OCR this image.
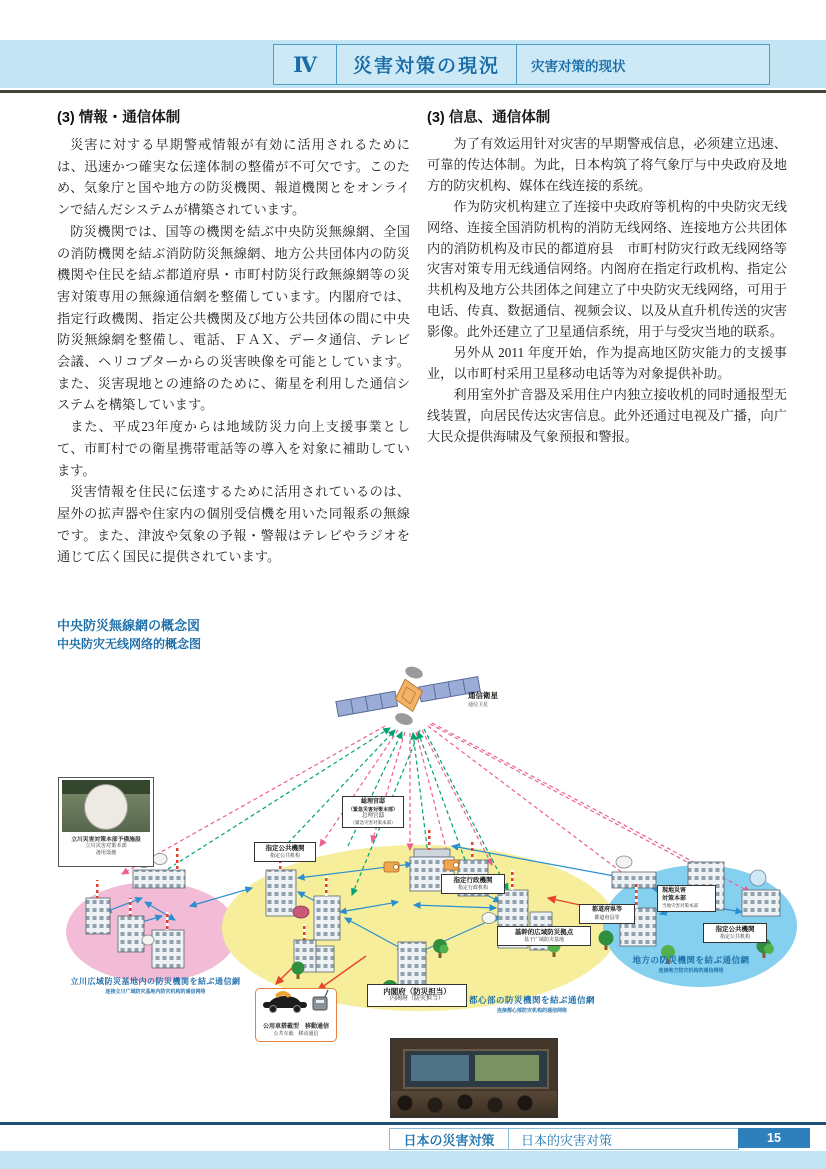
Ⅳ	災害対策の現況	灾害对策的现状
(3) 情報・通信体制

災害に対する早期警戒情報が有効に活用されるためには、迅速かつ確実な伝達体制の整備が不可欠です。このため、気象庁と国や地方の防災機関、報道機関とをオンラインで結んだシステムが構築されています。

防災機関では、国等の機関を結ぶ中央防災無線網、全国の消防機関を結ぶ消防防災無線網、地方公共団体内の防災機関や住民を結ぶ都道府県・市町村防災行政無線網等の災害対策専用の無線通信網を整備しています。内閣府では、指定行政機関、指定公共機関及び地方公共団体の間に中央防災無線網を整備し、電話、ＦＡＸ、データ通信、テレビ会議、ヘリコプターからの災害映像を可能としています。また、災害現地との連絡のために、衛星を利用した通信システムを構築しています。

また、平成23年度からは地域防災力向上支援事業として、市町村での衛星携帯電話等の導入を対象に補助しています。

災害情報を住民に伝達するために活用されているのは、屋外の拡声器や住家内の個別受信機を用いた同報系の無線です。また、津波や気象の予報・警報はテレビやラジオを通じて広く国民に提供されています。

(3) 信息、通信体制

为了有效运用针对灾害的早期警戒信息，必须建立迅速、可靠的传达体制。为此，日本构筑了将气象厅与中央政府及地方的防灾机构、媒体在线连接的系统。

作为防灾机构建立了连接中央政府等机构的中央防灾无线网络、连接全国消防机构的消防无线网络、连接地方公共团体内的消防机构及市民的都道府县　市町村防灾行政无线网络等灾害对策专用无线通信网络。内阁府在指定行政机构、指定公共机构及地方公共团体之间建立了中央防灾无线网络，可用于电话、传真、数据通信、视频会议、以及从直升机传送的灾害影像。此外还建立了卫星通信系统，用于与受灾当地的联系。

另外从 2011 年度开始，作为提高地区防灾能力的支援事业，以市町村采用卫星移动电话等为对象提供补助。

利用室外扩音器及采用住户内独立接收机的同时通报型无线装置，向居民传达灾害信息。此外还通过电视及广播，向广大民众提供海啸及气象预报和警报。

中央防災無線網の概念図
中央防灾无线网络的概念图
通信衛星
通信卫星
立川災害対策本部予備施設
立川灾害对策本部
备用设施
総理官邸
（緊急災害対策本部）
总理官邸
（紧急灾害对策本部）
指定公共機関
指定公共机构
指定行政機関
指定行政机构
基幹的広域防災拠点
基干广域防灾基地
都道府県等
都道府县等
現地災害
対策本部
当地灾害对策本部
指定公共機関
指定公共机构
内閣府（防災担当）
内阁府（防灾担当）
公用車搭載型　移動通信
公共车载　移动通信
立川広域防災基地内の防災機関を結ぶ通信網
连接立川广域防灾基地内防灾机构的通信网络
都心部の防災機関を結ぶ通信網
连接都心部防灾机构的通信网络
地方の防災機関を結ぶ通信網
连接地方防灾机构的通信网络
日本の災害対策	日本的灾害对策	15
